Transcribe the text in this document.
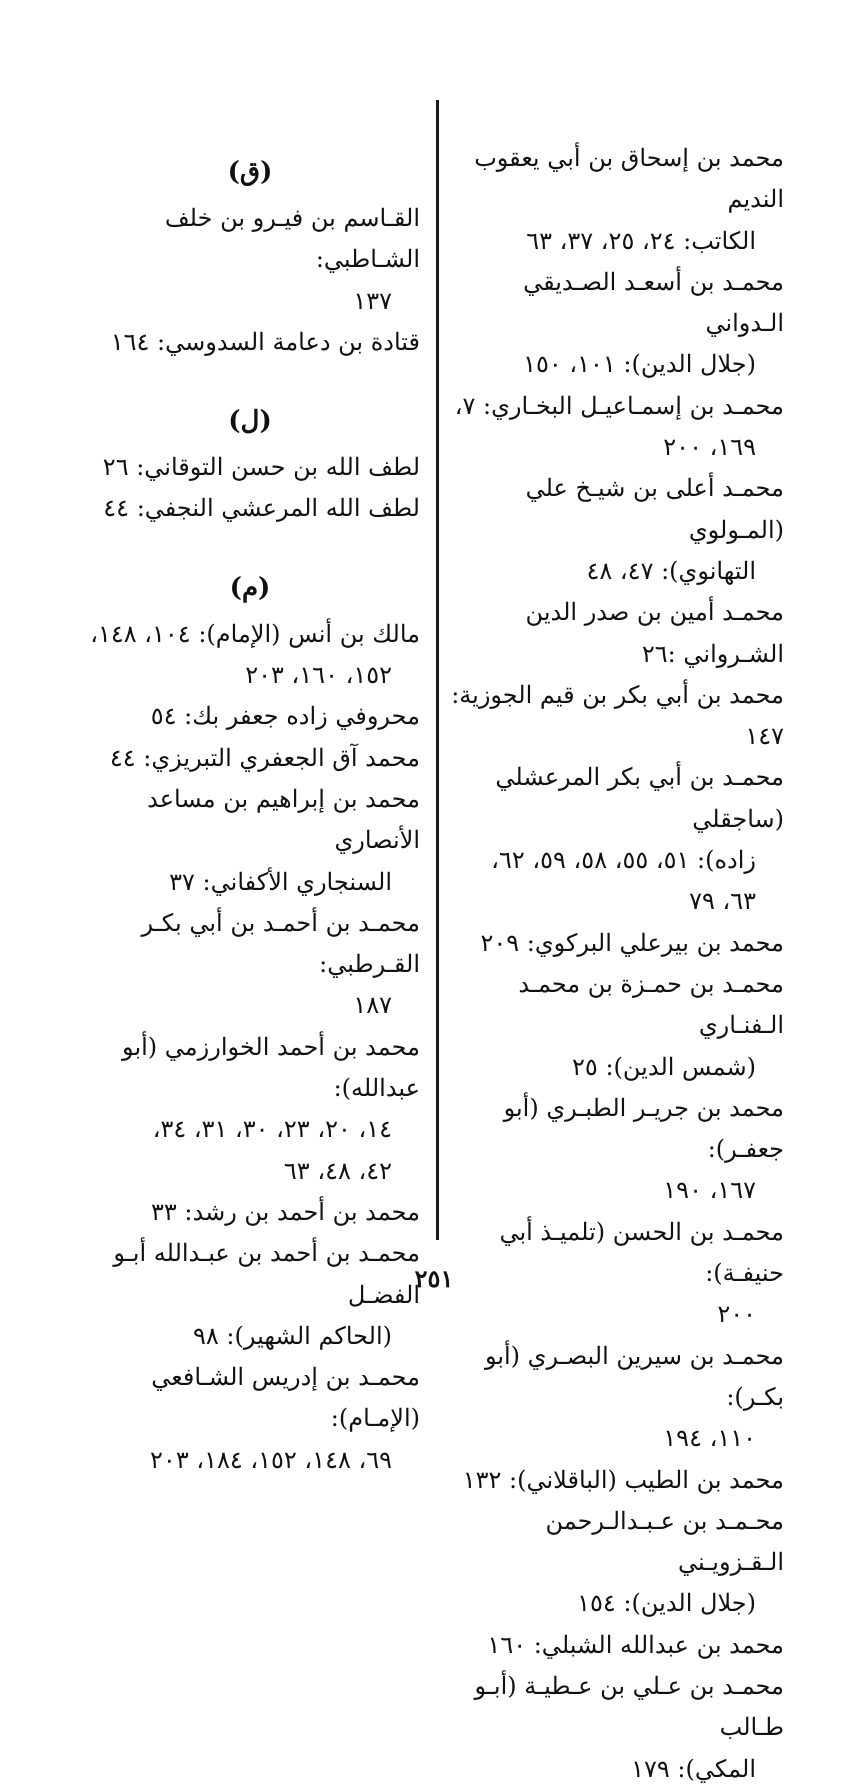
محمد بن إسحاق بن أبي يعقوب النديم
الكاتب: ٢٤، ٢٥، ٣٧، ٦٣
محمـد بن أسعـد الصـديقي الـدواني
(جلال الدين): ١٠١، ١٥٠
محمـد بن إسمـاعيـل البخـاري: ٧،
١٦٩، ٢٠٠
محمـد أعلى بن شيـخ علي (المـولوي
التهانوي): ٤٧، ٤٨
محمـد أمين بن صدر الدين الشـرواني :٢٦
محمد بن أبي بكر بن قيم الجوزية: ١٤٧
محمـد بن أبي بكر المرعشلي (ساجقلي
زاده): ٥١، ٥٥، ٥٨، ٥٩، ٦٢،
٦٣، ٧٩
محمد بن بيرعلي البركوي: ٢٠٩
محمـد بن حمـزة بن محمـد الـفنـاري
(شمس الدين): ٢٥
محمد بن جريـر الطبـري (أبو جعفـر):
١٦٧، ١٩٠
محمـد بن الحسن (تلميـذ أبي حنيفـة):
٢٠٠
محمـد بن سيرين البصـري (أبو بكـر):
١١٠، ١٩٤
محمد بن الطيب (الباقلاني): ١٣٢
محـمـد بن عـبـدالـرحمن الـقـزويـني
(جلال الدين): ١٥٤
محمد بن عبدالله الشبلي: ١٦٠
محمـد بن عـلي بن عـطيـة (أبـو طـالب
المكي): ١٧٩
(ق)
القـاسم بن فيـرو بن خلف الشـاطبي:
١٣٧
قتادة بن دعامة السدوسي: ١٦٤
(ل)
لطف الله بن حسن التوقاني: ٢٦
لطف الله المرعشي النجفي: ٤٤
(م)
مالك بن أنس (الإمام): ١٠٤، ١٤٨،
١٥٢، ١٦٠، ٢٠٣
محروفي زاده جعفر بك: ٥٤
محمد آق الجعفري التبريزي: ٤٤
محمد بن إبراهيم بن مساعد الأنصاري
السنجاري الأكفاني: ٣٧
محمـد بن أحمـد بن أبي بكـر القـرطبي:
١٨٧
محمد بن أحمد الخوارزمي (أبو عبدالله):
١٤، ٢٠، ٢٣، ٣٠، ٣١، ٣٤،
٤٢، ٤٨، ٦٣
محمد بن أحمد بن رشد: ٣٣
محمـد بن أحمد بن عبـدالله أبـو الفضـل
(الحاكم الشهير): ٩٨
محمـد بن إدريس الشـافعي (الإمـام):
٦٩، ١٤٨، ١٥٢، ١٨٤، ٢٠٣
٢٥١
